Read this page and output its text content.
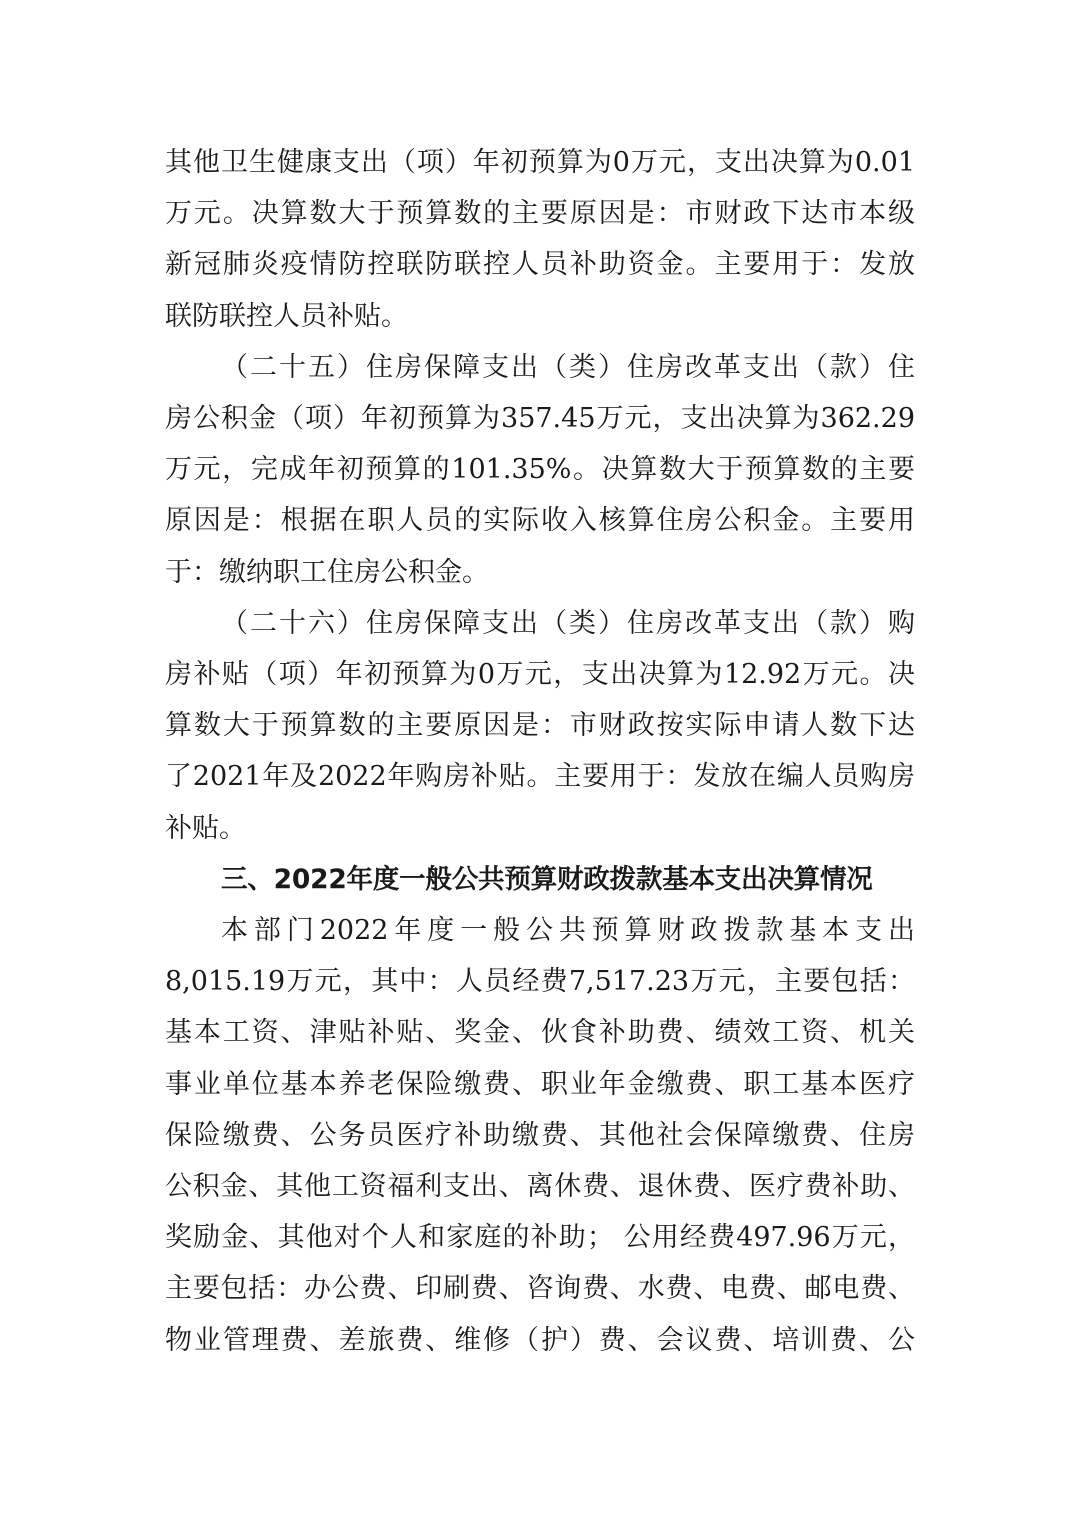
其他卫生健康支出（项）年初预算为0万元，支出决算为0.01
万元。决算数大于预算数的主要原因是：市财政下达市本级
新冠肺炎疫情防控联防联控人员补助资金。主要用于：发放
联防联控人员补贴。
（二十五）住房保障支出（类）住房改革支出（款）住
房公积金（项）年初预算为357.45万元，支出决算为362.29
万元，完成年初预算的101.35%。决算数大于预算数的主要
原因是：根据在职人员的实际收入核算住房公积金。主要用
于：缴纳职工住房公积金。
（二十六）住房保障支出（类）住房改革支出（款）购
房补贴（项）年初预算为0万元，支出决算为12.92万元。决
算数大于预算数的主要原因是：市财政按实际申请人数下达
了2021年及2022年购房补贴。主要用于：发放在编人员购房
补贴。
三、2022年度一般公共预算财政拨款基本支出决算情况
本部门2022年度一般公共预算财政拨款基本支出
8,015.19万元，其中：人员经费7,517.23万元，主要包括：
基本工资、津贴补贴、奖金、伙食补助费、绩效工资、机关
事业单位基本养老保险缴费、职业年金缴费、职工基本医疗
保险缴费、公务员医疗补助缴费、其他社会保障缴费、住房
公积金、其他工资福利支出、离休费、退休费、医疗费补助、
奖励金、其他对个人和家庭的补助； 公用经费497.96万元，
主要包括：办公费、印刷费、咨询费、水费、电费、邮电费、
物业管理费、差旅费、维修（护）费、会议费、培训费、公
